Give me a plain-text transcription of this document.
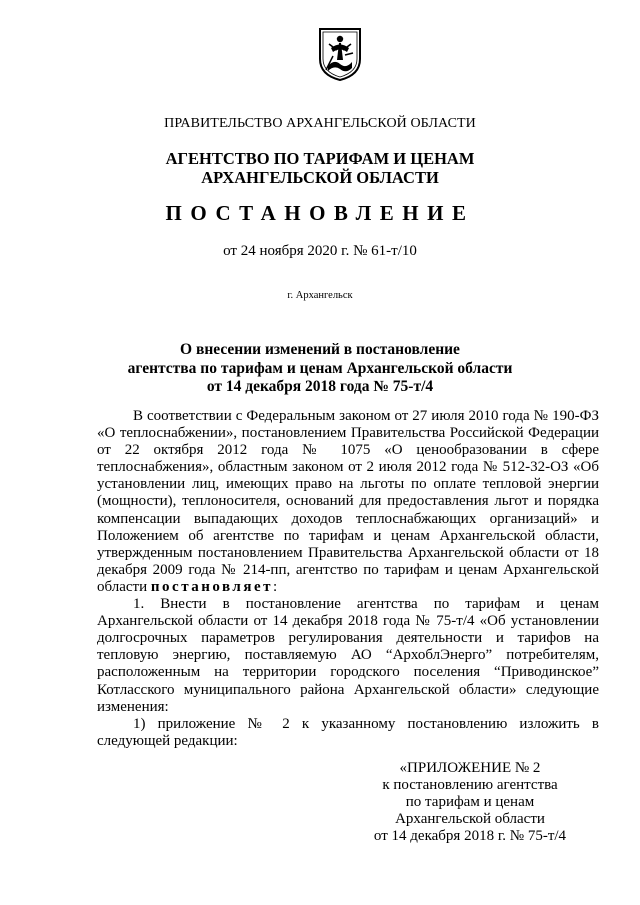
ПРАВИТЕЛЬСТВО АРХАНГЕЛЬСКОЙ ОБЛАСТИ
АГЕНТСТВО ПО ТАРИФАМ И ЦЕНАМ
АРХАНГЕЛЬСКОЙ ОБЛАСТИ
ПОСТАНОВЛЕНИЕ
от 24 ноября 2020 г. № 61-т/10
г. Архангельск
О внесении изменений в постановление
агентства по тарифам и ценам Архангельской области
от 14 декабря 2018 года № 75-т/4

В соответствии с Федеральным законом от 27 июля 2010 года № 190-ФЗ «О теплоснабжении», постановлением Правительства Российской Федерации от 22 октября 2012 года № 1075 «О ценообразовании в сфере теплоснабжения», областным законом от 2 июля 2012 года № 512-32-ОЗ «Об установлении лиц, имеющих право на льготы по оплате тепловой энергии (мощности), теплоносителя, оснований для предоставления льгот и порядка компенсации выпадающих доходов теплоснабжающих организаций» и Положением об агентстве по тарифам и ценам Архангельской области, утвержденным постановлением Правительства Архангельской области от 18 декабря 2009 года № 214-пп, агентство по тарифам и ценам Архангельской области постановляет:

1. Внести в постановление агентства по тарифам и ценам Архангельской области от 14 декабря 2018 года № 75-т/4 «Об установлении долгосрочных параметров регулирования деятельности и тарифов на тепловую энергию, поставляемую АО “АрхоблЭнерго” потребителям, расположенным на территории городского поселения “Приводинское” Котласского муниципального района Архангельской области» следующие изменения:

1) приложение № 2 к указанному постановлению изложить в следующей редакции:

«ПРИЛОЖЕНИЕ № 2
к постановлению агентства
по тарифам и ценам
Архангельской области
от 14 декабря 2018 г. № 75-т/4
